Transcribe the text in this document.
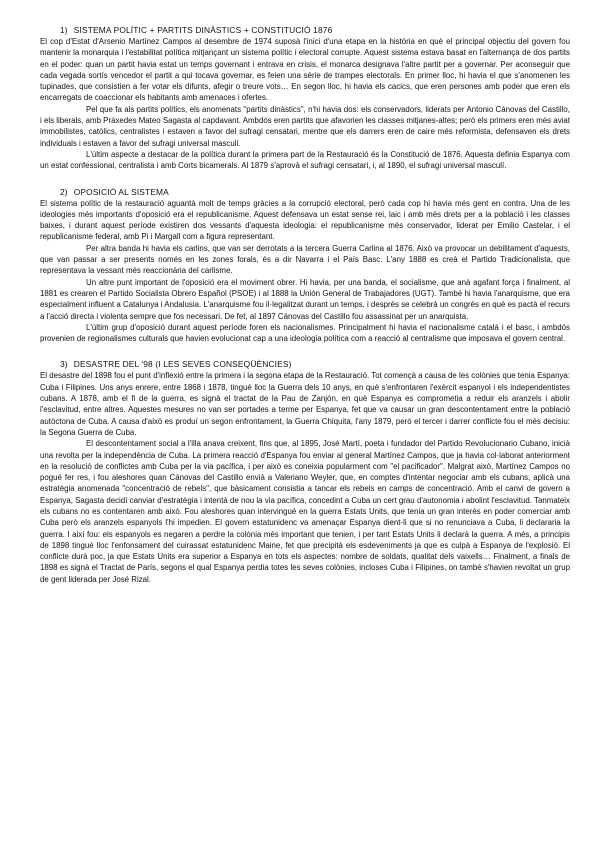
1) SISTEMA POLÍTIC + PARTITS DINÀSTICS + CONSTITUCIÓ 1876

El cop d'Estat d'Arsenio Martínez Campos al desembre de 1974 suposà l'inici d'una etapa en la història en què el principal objectiu del govern fou mantenir la monarquia i l'estabilitat política mitjançant un sistema polític i electoral corrupte. Aquest sistema estava basat en l'alternança de dos partits en el poder: quan un partit havia estat un temps governant i entrava en crisis, el monarca designava l'altre partit per a governar. Per aconseguir que cada vegada sortís vencedor el partit a qui tocava governar, es feien una sèrie de trampes electorals. En primer lloc, hi havia el que s'anomenen les tupinades, que consistien a fer votar els difunts, afegir o treure vots… En segon lloc, hi havia els cacics, que eren persones amb poder que eren els encarregats de coaccionar els habitants amb amenaces i ofertes.

Pel que fa als partits polítics, els anomenats "partits dinàstics", n'hi havia dos: els conservadors, liderats per Antonio Cánovas del Castillo, i els liberals, amb Práxedes Mateo Sagasta al capdavant. Ambdós eren partits que afavorien les classes mitjanes-altes; però els primers eren més aviat immobilistes, catòlics, centralistes i estaven a favor del sufragi censatari, mentre que els darrers eren de caire més reformista, defensaven els drets individuals i estaven a favor del sufragi universal masculí.

L'últim aspecte a destacar de la política durant la primera part de la Restauració és la Constitució de 1876. Aquesta definia Espanya com un estat confessional, centralista i amb Corts bicamerals. Al 1879 s'aprovà el sufragi censatari, i, al 1890, el sufragi universal masculí.

2) OPOSICIÓ AL SISTEMA

El sistema polític de la restauració aguantà molt de temps gràcies a la corrupció electoral, però cada cop hi havia més gent en contra. Una de les ideologies més importants d'oposició era el republicanisme. Aquest defensava un estat sense rei, laic i amb més drets per a la població i les classes baixes, i durant aquest període existiren dos vessants d'aquesta ideologia: el republicanisme més conservador, liderat per Emilio Castelar, i el republicanisme federal, amb Pi i Margall com a figura representant.

Per altra banda hi havia els carlins, que van ser derrotats a la tercera Guerra Carlina al 1876. Això va provocar un debilitament d'aquests, que van passar a ser presents només en les zones forals, és a dir Navarra i el País Basc. L'any 1888 es creà el Partido Tradicionalista, que representava la vessant més reaccionària del carlisme.

Un altre punt important de l'oposició era el moviment obrer. Hi havia, per una banda, el socialisme, que anà agafant força i finalment, al 1881 es crearen el Partido Socialista Obrero Español (PSOE) i al 1888 la Unión General de Trabajadores (UGT). També hi havia l'anarquisme, que era especialment influent a Catalunya i Andalusia. L'anarquisme fou il·legalitzat durant un temps, i després se celebrà un congrés en què es pactà el recurs a l'acció directa i violenta sempre que fos necessari. De fet, al 1897 Cánovas del Castillo fou assassinat per un anarquista.

L'últim grup d'oposició durant aquest període foren els nacionalismes. Principalment hi havia el nacionalisme català i el basc, i ambdós provenien de regionalismes culturals que havien evolucionat cap a una ideologia política com a reacció al centralisme que imposava el govern central.

3) DESASTRE DEL '98 (I LES SEVES CONSEQÜÈNCIES)

El desastre del 1898 fou el punt d'inflexió entre la primera i la segona etapa de la Restauració. Tot començà a causa de les colònies que tenia Espanya: Cuba i Filipines. Uns anys enrere, entre 1868 i 1878, tingué lloc la Guerra dels 10 anys, en què s'enfrontaren l'exèrcit espanyol i els independentistes cubans. A 1878, amb el fi de la guerra, es signà el tractat de la Pau de Zanjón, en què Espanya es comprometia a reduir els aranzels i abolir l'esclavitud, entre altres. Aquestes mesures no van ser portades a terme per Espanya, fet que va causar un gran descontentament entre la població autòctona de Cuba. A causa d'això es produí un segon enfrontament, la Guerra Chiquita, l'any 1879, però el tercer i darrer conflicte fou el més decisiu: la Segona Guerra de Cuba.

El descontentament social a l'illa anava creixent, fins que, al 1895, José Martí, poeta i fundador del Partido Revolucionario Cubano, inicià una revolta per la independència de Cuba. La primera reacció d'Espanya fou enviar al general Martínez Campos, que ja havia col·laborat anteriorment en la resolució de conflictes amb Cuba per la via pacífica, i per això es coneixia popularment com "el pacificador". Malgrat això, Martínez Campos no pogué fer res, i fou aleshores quan Cánovas del Castillo envià a Valeriano Weyler, que, en comptes d'intentar negociar amb els cubans, aplicà una estratègia anomenada "concentració de rebels", que bàsicament consistia a tancar els rebels en camps de concentració. Amb el canvi de govern a Espanya, Sagasta decidí canviar d'estratègia i intentà de nou la via pacífica, concedint a Cuba un cert grau d'autonomia i abolint l'esclavitud. Tanmateix els cubans no es contentaren amb això. Fou aleshores quan intervingué en la guerra Estats Units, que tenia un gran interès en poder comerciar amb Cuba però els aranzels espanyols l'hi impedien. El govern estatunidenc va amenaçar Espanya dient-li que si no renunciava a Cuba, li declararia la guerra. I així fou: els espanyols es negaren a perdre la colònia més important que tenien, i per tant Estats Units li declarà la guerra. A més, a principis de 1898 tingué lloc l'enfonsament del cuirassat estatunidenc Maine, fet que precipità els esdeveniments ja que es culpà a Espanya de l'explosió. El conflicte durà poc, ja que Estats Units era superior a Espanya en tots els aspectes: nombre de soldats, qualitat dels vaixells… Finalment, a finals de 1898 es signà el Tractat de París, segons el qual Espanya perdia totes les seves colònies, incloses Cuba i Filipines, on també s'havien revoltat un grup de gent liderada per José Rizal.
